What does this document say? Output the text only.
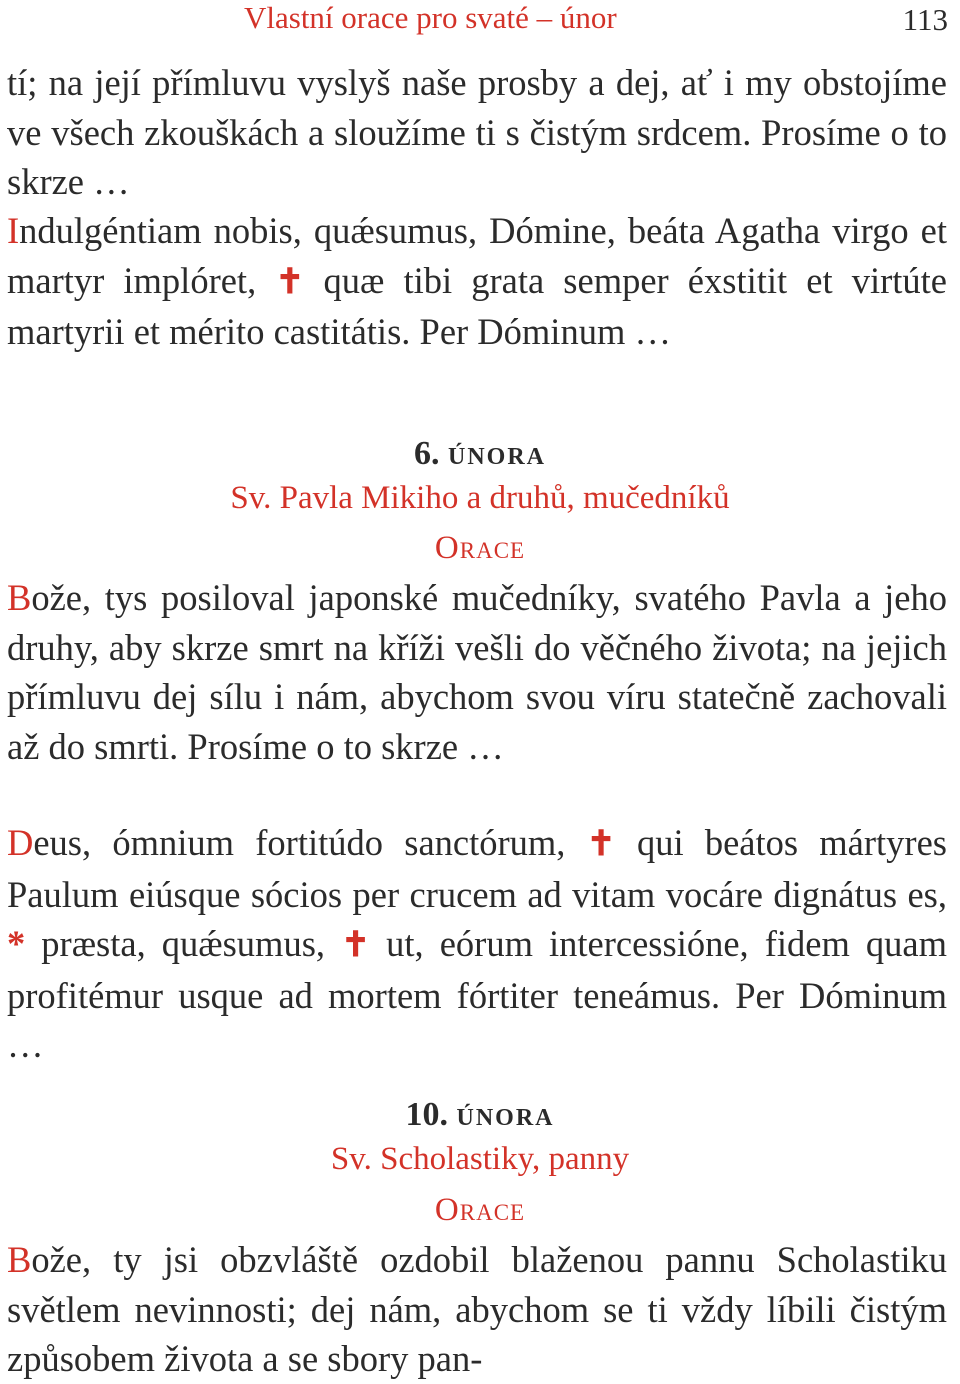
Vlastní orace pro svaté – únor	113

tí; na její přímluvu vyslyš naše prosby a dej, ať i my obstojíme ve všech zkouškách a sloužíme ti s čistým srdcem. Prosíme o to skrze …

Indulgéntiam nobis, quǽsumus, Dómine, beáta Agatha virgo et martyr implóret, ✝ quæ tibi grata semper éxstitit et virtúte martyrii et mérito castitátis. Per Dóminum …

6. února
Sv. Pavla Mikiho a druhů, mučedníků
Orace

Bože, tys posiloval japonské mučedníky, svatého Pavla a jeho druhy, aby skrze smrt na kříži vešli do věčného života; na jejich přímluvu dej sílu i nám, abychom svou víru statečně zachovali až do smrti. Prosíme o to skrze …

Deus, ómnium fortitúdo sanctórum, ✝ qui beátos mártyres Paulum eiúsque sócios per crucem ad vitam vocáre dignátus es, * præsta, quǽsumus, ✝ ut, eórum intercessióne, fidem quam profitémur usque ad mortem fórtiter teneámus. Per Dóminum …

10. února
Sv. Scholastiky, panny
Orace

Bože, ty jsi obzvláště ozdobil blaženou pannu Scholastiku světlem nevinnosti; dej nám, abychom se ti vždy líbili čistým způsobem života a se sbory pan-
